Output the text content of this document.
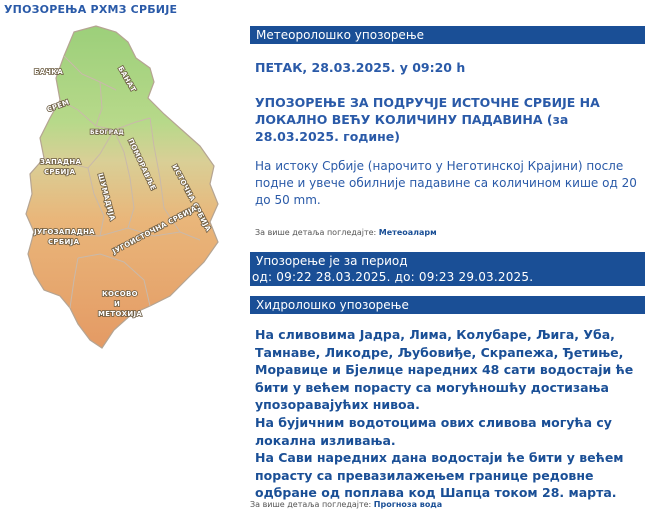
УПОЗОРЕЊА РХМЗ СРБИЈЕ
БАЧКА	БАНАТ
СРЕМ
БЕОГРАД
ЗАПАДНА
СРБИЈА
ШУМАДИЈА
ПОМОРАВЉЕ ИСТОЧНА СРБИЈА
ЈУГОЗАПАДНА
СРБИЈА	ЈУГОИСТОЧНА СРБИЈА
КОСОВО
И
МЕТОХИЈА
Метеоролошко упозорење
ПЕТАК, 28.03.2025. у 09:20 h
УПОЗОРЕЊЕ ЗА ПОДРУЧЈЕ ИСТОЧНЕ СРБИЈЕ НА ЛОКАЛНО ВЕЋУ КОЛИЧИНУ ПАДАВИНА (за 28.03.2025. године)
На истоку Србије (нарочито у Неготинској Крајини) после подне и увече обилније падавине са количином кише од 20 до 50 mm.
За више детаља погледајте: Метеоаларм
Упозорење је за период
од: 09:22 28.03.2025. до: 09:23 29.03.2025.
Хидролошко упозорење

На сливовима Јадра, Лима, Колубаре, Љига, Уба, Тамнаве, Ликодре, Љубовиђе, Скрапежа, Ђетиње, Моравице и Бјелице наредних 48 сати водостаји ће бити у већем порасту са могућношћу достизања упозоравајућих нивоа.

На бујичним водотоцима ових сливова могућа су локална изливања.

На Сави наредних дана водостаји ће бити у већем порасту са превазилажењем границе редовне одбране од поплава код Шапца током 28. марта.

За више детаља погледајте: Прогноза вода
